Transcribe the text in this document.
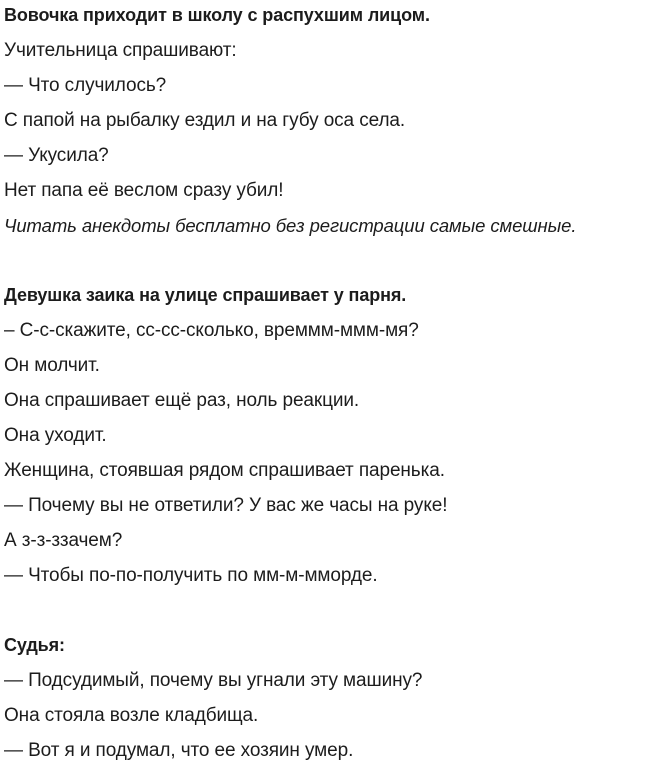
Вовочка приходит в школу с распухшим лицом.
Учительница спрашивают:
— Что случилось?
С папой на рыбалку ездил и на губу оса села.
— Укусила?
Нет папа её веслом сразу убил!
Читать анекдоты бесплатно без регистрации самые смешные.
Девушка заика на улице спрашивает у парня.
– С-с-скажите, сс-сс-сколько, времмм-ммм-мя?
Он молчит.
Она спрашивает ещё раз, ноль реакции.
Она уходит.
Женщина, стоявшая рядом спрашивает паренька.
— Почему вы не ответили? У вас же часы на руке!
А з-з-ззачем?
— Чтобы по-по-получить по мм-м-мморде.
Судья:
— Подсудимый, почему вы угнали эту машину?
Она стояла возле кладбища.
— Вот я и подумал, что ее хозяин умер.
